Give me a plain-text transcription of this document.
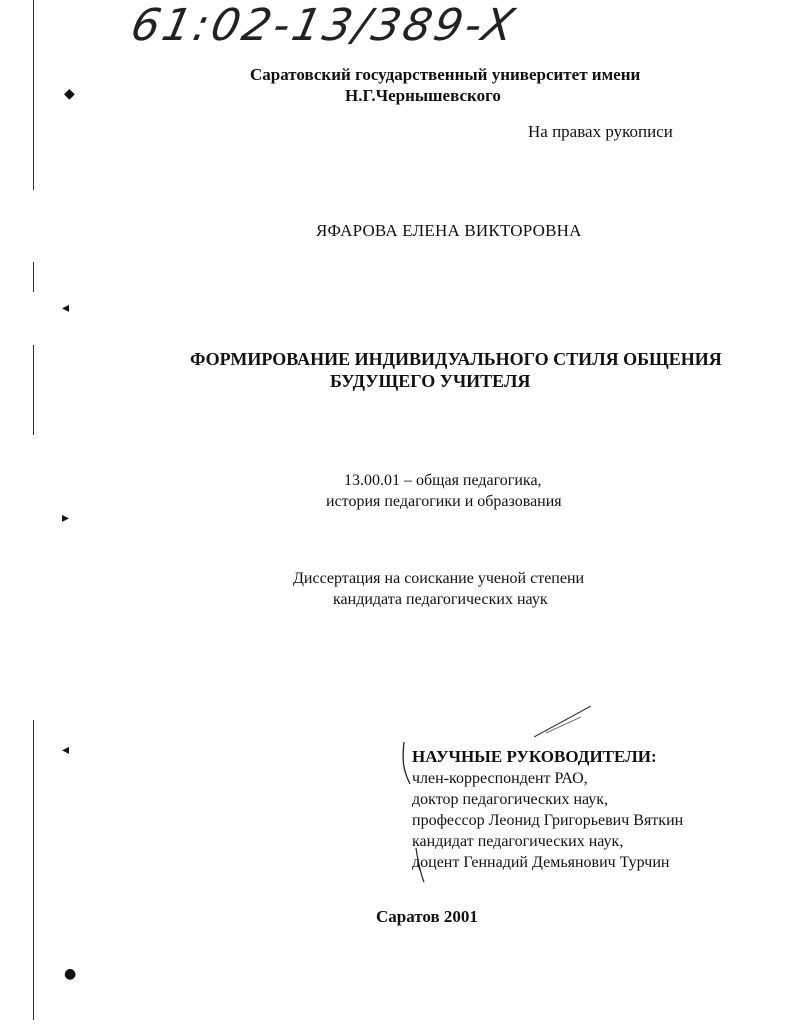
◆
◂
▸
◂
●
61:02-13/389-X
Саратовский государственный университет имени
Н.Г.Чернышевского
На правах рукописи
ЯФАРОВА ЕЛЕНА ВИКТОРОВНА
ФОРМИРОВАНИЕ ИНДИВИДУАЛЬНОГО СТИЛЯ ОБЩЕНИЯ
БУДУЩЕГО УЧИТЕЛЯ
13.00.01 – общая педагогика,
история педагогики и образования
Диссертация на соискание ученой степени
кандидата педагогических наук
НАУЧНЫЕ РУКОВОДИТЕЛИ:
член-корреспондент РАО,
доктор педагогических наук,
профессор Леонид Григорьевич Вяткин
кандидат педагогических наук,
доцент Геннадий Демьянович Турчин
Саратов 2001
